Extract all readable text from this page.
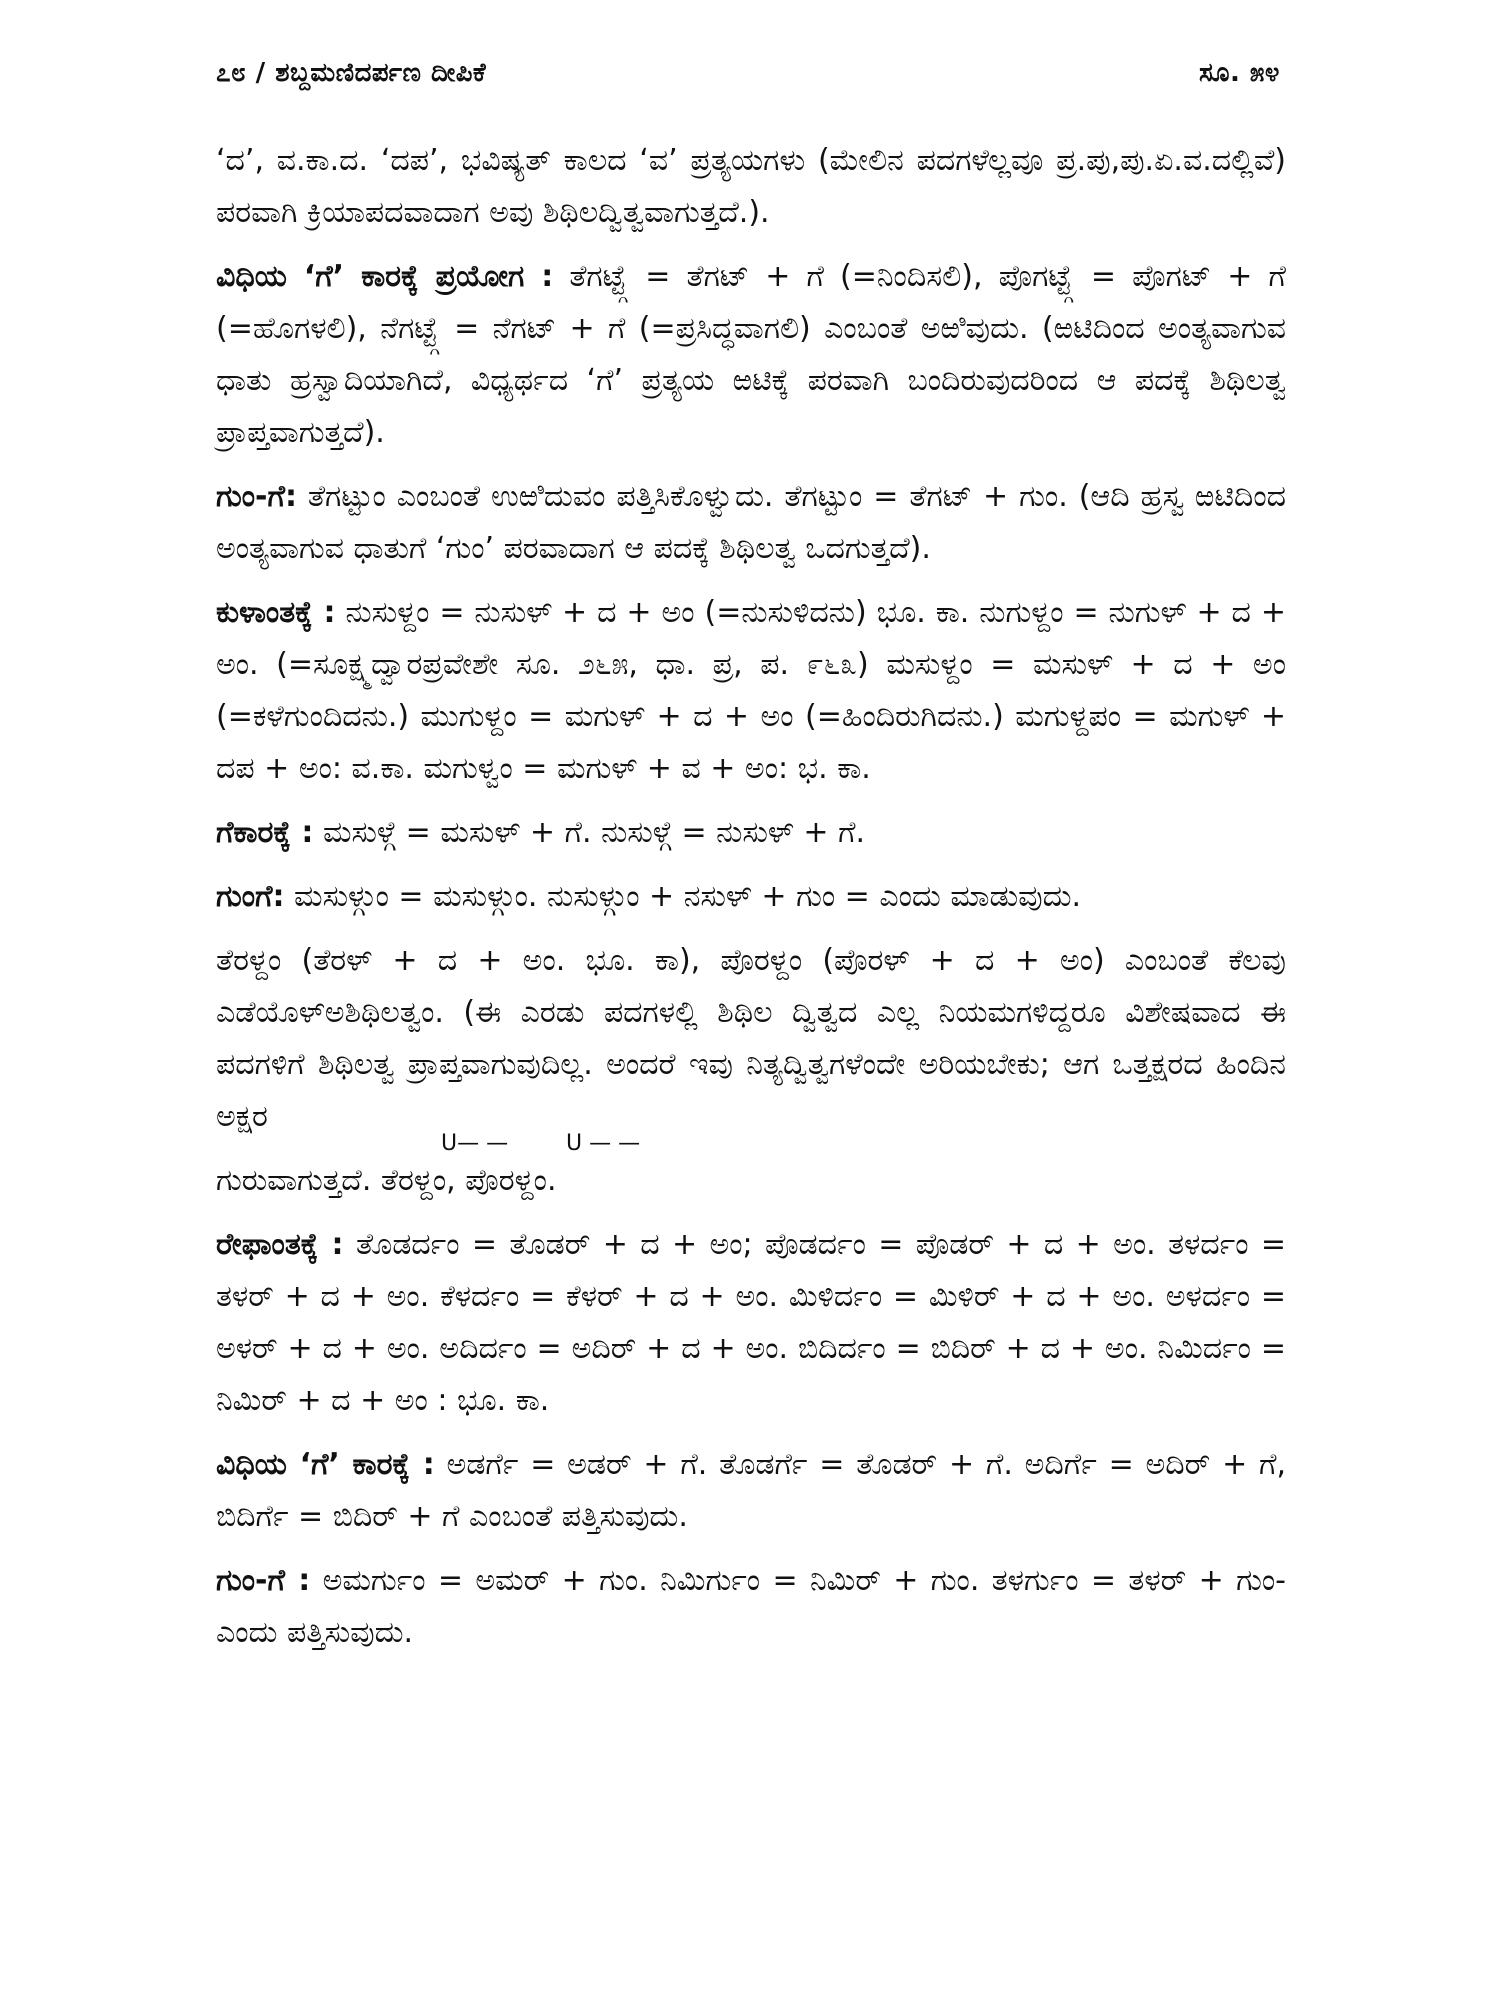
೭೮ / ಶಬ್ದಮಣಿದರ್ಪಣ ದೀಪಿಕೆ	ಸೂ. ೫೪

‘ದ’, ವ.ಕಾ.ದ. ‘ದಪ’, ಭವಿಷ್ಯತ್ ಕಾಲದ ‘ವ’ ಪ್ರತ್ಯಯಗಳು (ಮೇಲಿನ ಪದಗಳೆಲ್ಲವೂ ಪ್ರ.ಪು,ಪು.ಏ.ವ.ದಲ್ಲಿವೆ) ಪರವಾಗಿ ಕ್ರಿಯಾಪದವಾದಾಗ ಅವು ಶಿಥಿಲದ್ವಿತ್ವವಾಗುತ್ತದೆ.).

ವಿಧಿಯ ‘ಗೆ’ ಕಾರಕ್ಕೆ ಪ್ರಯೋಗ : ತೆಗಟ್ಟ್ಗೆ = ತೆಗಟ್ + ಗೆ (=ನಿಂದಿಸಲಿ), ಪೊಗಟ್ಟ್ಗೆ = ಪೊಗಟ್ + ಗೆ (=ಹೊಗಳಲಿ), ನೆಗಟ್ಟ್ಗೆ = ನೆಗಟ್ + ಗೆ (=ಪ್ರಸಿದ್ಧವಾಗಲಿ) ಎಂಬಂತೆ ಅಱಿವುದು. (ಱಟಿದಿಂದ ಅಂತ್ಯವಾಗುವ ಧಾತು ಹ್ರಸ್ವಾದಿಯಾಗಿದೆ, ವಿಧ್ಯರ್ಥದ ‘ಗೆ’ ಪ್ರತ್ಯಯ ಱಟಿಕ್ಕೆ ಪರವಾಗಿ ಬಂದಿರುವುದರಿಂದ ಆ ಪದಕ್ಕೆ ಶಿಥಿಲತ್ವ ಪ್ರಾಪ್ತವಾಗುತ್ತದೆ).

ಗುಂ-ಗೆ: ತೆಗಟ್ಟುಂ ಎಂಬಂತೆ ಉಱಿದುವಂ ಪತ್ತಿಸಿಕೊಳ್ವುದು. ತೆಗಟ್ಟುಂ = ತೆಗಟ್ + ಗುಂ. (ಆದಿ ಹ್ರಸ್ವ ಱಟಿದಿಂದ ಅಂತ್ಯವಾಗುವ ಧಾತುಗೆ ‘ಗುಂ’ ಪರವಾದಾಗ ಆ ಪದಕ್ಕೆ ಶಿಥಿಲತ್ವ ಒದಗುತ್ತದೆ).

ಕುಳಾಂತಕ್ಕೆ : ನುಸುಳ್ದಂ = ನುಸುಳ್ + ದ + ಅಂ (=ನುಸುಳಿದನು) ಭೂ. ಕಾ. ನುಗುಳ್ದಂ = ನುಗುಳ್ + ದ + ಅಂ. (=ಸೂಕ್ಷ್ಮದ್ವಾರಪ್ರವೇಶೇ ಸೂ. ೨೬೫, ಧಾ. ಪ್ರ, ಪ. ೯೬೩) ಮಸುಳ್ದಂ = ಮಸುಳ್ + ದ + ಅಂ (=ಕಳೆಗುಂದಿದನು.) ಮುಗುಳ್ದಂ = ಮಗುಳ್ + ದ + ಅಂ (=ಹಿಂದಿರುಗಿದನು.) ಮಗುಳ್ದಪಂ = ಮಗುಳ್ + ದಪ + ಅಂ: ವ.ಕಾ. ಮಗುಳ್ವಂ = ಮಗುಳ್ + ವ + ಅಂ: ಭ. ಕಾ.

ಗೆಕಾರಕ್ಕೆ : ಮಸುಳ್ಗೆ = ಮಸುಳ್ + ಗೆ. ನುಸುಳ್ಗೆ = ನುಸುಳ್ + ಗೆ.

ಗುಂಗೆ: ಮಸುಳ್ಗುಂ = ಮಸುಳ್ಗುಂ. ನುಸುಳ್ಗುಂ + ನಸುಳ್ + ಗುಂ = ಎಂದು ಮಾಡುವುದು.

ತೆರಳ್ದಂ (ತೆರಳ್ + ದ + ಅಂ. ಭೂ. ಕಾ), ಪೊರಳ್ದಂ (ಪೊರಳ್ + ದ + ಅಂ) ಎಂಬಂತೆ ಕೆಲವು ಎಡೆಯೊಳ್ಅಶಿಥಿಲತ್ವಂ. (ಈ ಎರಡು ಪದಗಳಲ್ಲಿ ಶಿಥಿಲ ದ್ವಿತ್ವದ ಎಲ್ಲ ನಿಯಮಗಳಿದ್ದರೂ ವಿಶೇಷವಾದ ಈ ಪದಗಳಿಗೆ ಶಿಥಿಲತ್ವ ಪ್ರಾಪ್ತವಾಗುವುದಿಲ್ಲ. ಅಂದರೆ ಇವು ನಿತ್ಯದ್ವಿತ್ವಗಳೆಂದೇ ಅರಿಯಬೇಕು; ಆಗ ಒತ್ತಕ್ಷರದ ಹಿಂದಿನ ಅಕ್ಷರ

U— —	U — —

ಗುರುವಾಗುತ್ತದೆ. ತೆರಳ್ದಂ, ಪೊರಳ್ದಂ.

ರೇಫಾಂತಕ್ಕೆ : ತೊಡರ್ದಂ = ತೊಡರ್ + ದ + ಅಂ; ಪೊಡರ್ದಂ = ಪೊಡರ್ + ದ + ಅಂ. ತಳರ್ದಂ = ತಳರ್ + ದ + ಅಂ. ಕೆಳರ್ದಂ = ಕೆಳರ್ + ದ + ಅಂ. ಮಿಳಿರ್ದಂ = ಮಿಳಿರ್ + ದ + ಅಂ. ಅಳರ್ದಂ = ಅಳರ್ + ದ + ಅಂ. ಅದಿರ್ದಂ = ಅದಿರ್ + ದ + ಅಂ. ಬಿದಿರ್ದಂ = ಬಿದಿರ್ + ದ + ಅಂ. ನಿಮಿರ್ದಂ = ನಿಮಿರ್ + ದ + ಅಂ : ಭೂ. ಕಾ.

ವಿಧಿಯ ‘ಗೆ’ ಕಾರಕ್ಕೆ : ಅಡರ್ಗೆ = ಅಡರ್ + ಗೆ. ತೊಡರ್ಗೆ = ತೊಡರ್ + ಗೆ. ಅದಿರ್ಗೆ = ಅದಿರ್ + ಗೆ, ಬಿದಿರ್ಗೆ = ಬಿದಿರ್ + ಗೆ ಎಂಬಂತೆ ಪತ್ತಿಸುವುದು.

ಗುಂ-ಗೆ : ಅಮರ್ಗುಂ = ಅಮರ್ + ಗುಂ. ನಿಮಿರ್ಗುಂ = ನಿಮಿರ್ + ಗುಂ. ತಳರ್ಗುಂ = ತಳರ್ + ಗುಂ-ಎಂದು ಪತ್ತಿಸುವುದು.
